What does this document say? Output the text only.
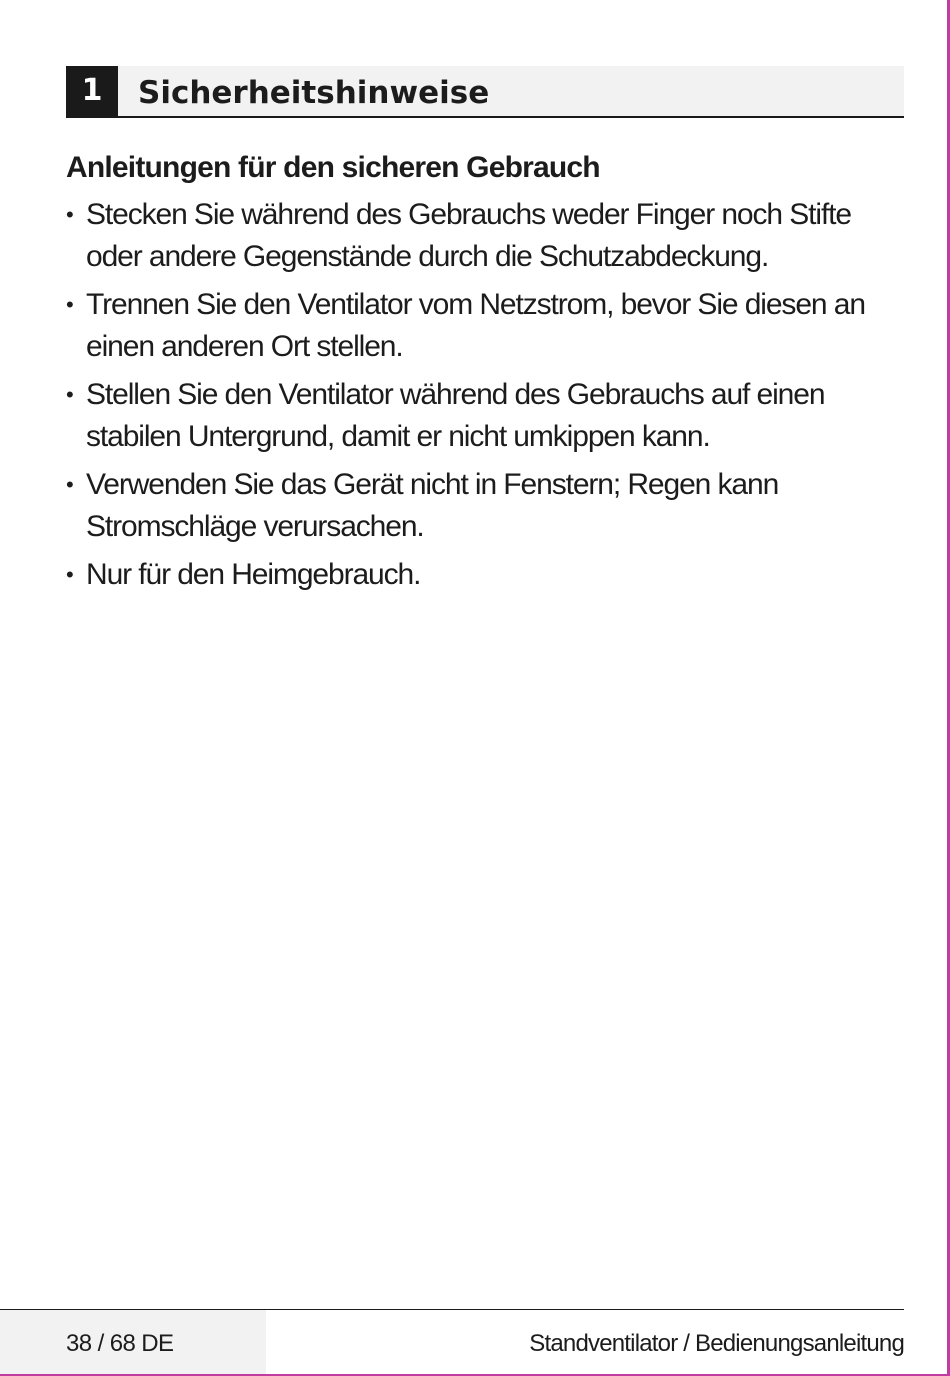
1	Sicherheitshinweise
Anleitungen für den sicheren Gebrauch
• Stecken Sie während des Gebrauchs weder Finger noch Stifte oder andere Gegenstände durch die Schutzabdeckung.
• Trennen Sie den Ventilator vom Netzstrom, bevor Sie diesen an einen anderen Ort stellen.
• Stellen Sie den Ventilator während des Gebrauchs auf einen stabilen Untergrund, damit er nicht umkippen kann.
• Verwenden Sie das Gerät nicht in Fenstern; Regen kann Stromschläge verursachen.
• Nur für den Heimgebrauch.
38 / 68 DE	Standventilator / Bedienungsanleitung
